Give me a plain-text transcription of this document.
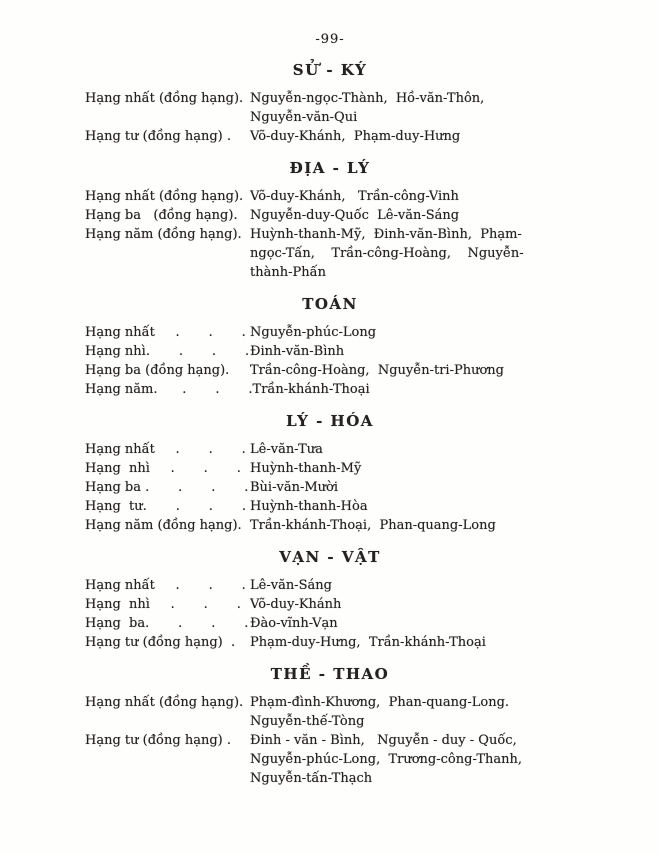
-99-
SỬ - KÝ
Hạng nhất (đồng hạng). Nguyễn-ngọc-Thành,  Hồ-văn-Thôn,
Nguyễn-văn-Qui
Hạng tư (đồng hạng) .	Võ-duy-Khánh,  Phạm-duy-Hưng
ĐỊA - LÝ
Hạng nhất (đồng hạng). Võ-duy-Khánh,   Trần-công-Vinh
Hạng ba   (đồng hạng). Nguyễn-duy-Quốc  Lê-văn-Sáng
Hạng năm (đồng hạng). Huỳnh-thanh-Mỹ,  Đinh-văn-Bình,  Phạm-
ngọc-Tấn,    Trần-công-Hoàng,    Nguyễn-
thành-Phấn
TOÁN
Hạng nhất     .       .       . Nguyễn-phúc-Long
Hạng nhì.       .       .       . Đinh-văn-Bình
Hạng ba (đồng hạng).	Trần-công-Hoàng,  Nguyễn-tri-Phương
Hạng năm.      .       .       . Trần-khánh-Thoại
LÝ - HÓA
Hạng nhất     .       .       . Lê-văn-Tưa
Hạng  nhì     .       .       . Huỳnh-thanh-Mỹ
Hạng ba .       .       .       . Bùi-văn-Mười
Hạng  tư.       .       .       . Huỳnh-thanh-Hòa
Hạng năm (đồng hạng). Trần-khánh-Thoại,  Phan-quang-Long
VẠN - VẬT
Hạng nhất     .       .       . Lê-văn-Sáng
Hạng  nhì     .       .       . Võ-duy-Khánh
Hạng  ba.       .       .       . Đào-vĩnh-Vạn
Hạng tư (đồng hạng)  .	Phạm-duy-Hưng,  Trần-khánh-Thoại
THỀ - THAO
Hạng nhất (đồng hạng). Phạm-đình-Khương,  Phan-quang-Long.
Nguyễn-thế-Tòng
Hạng tư (đồng hạng) .	Đinh - văn - Bình,   Nguyễn - duy - Quốc,
Nguyễn-phúc-Long,  Trương-công-Thanh,
Nguyễn-tấn-Thạch
